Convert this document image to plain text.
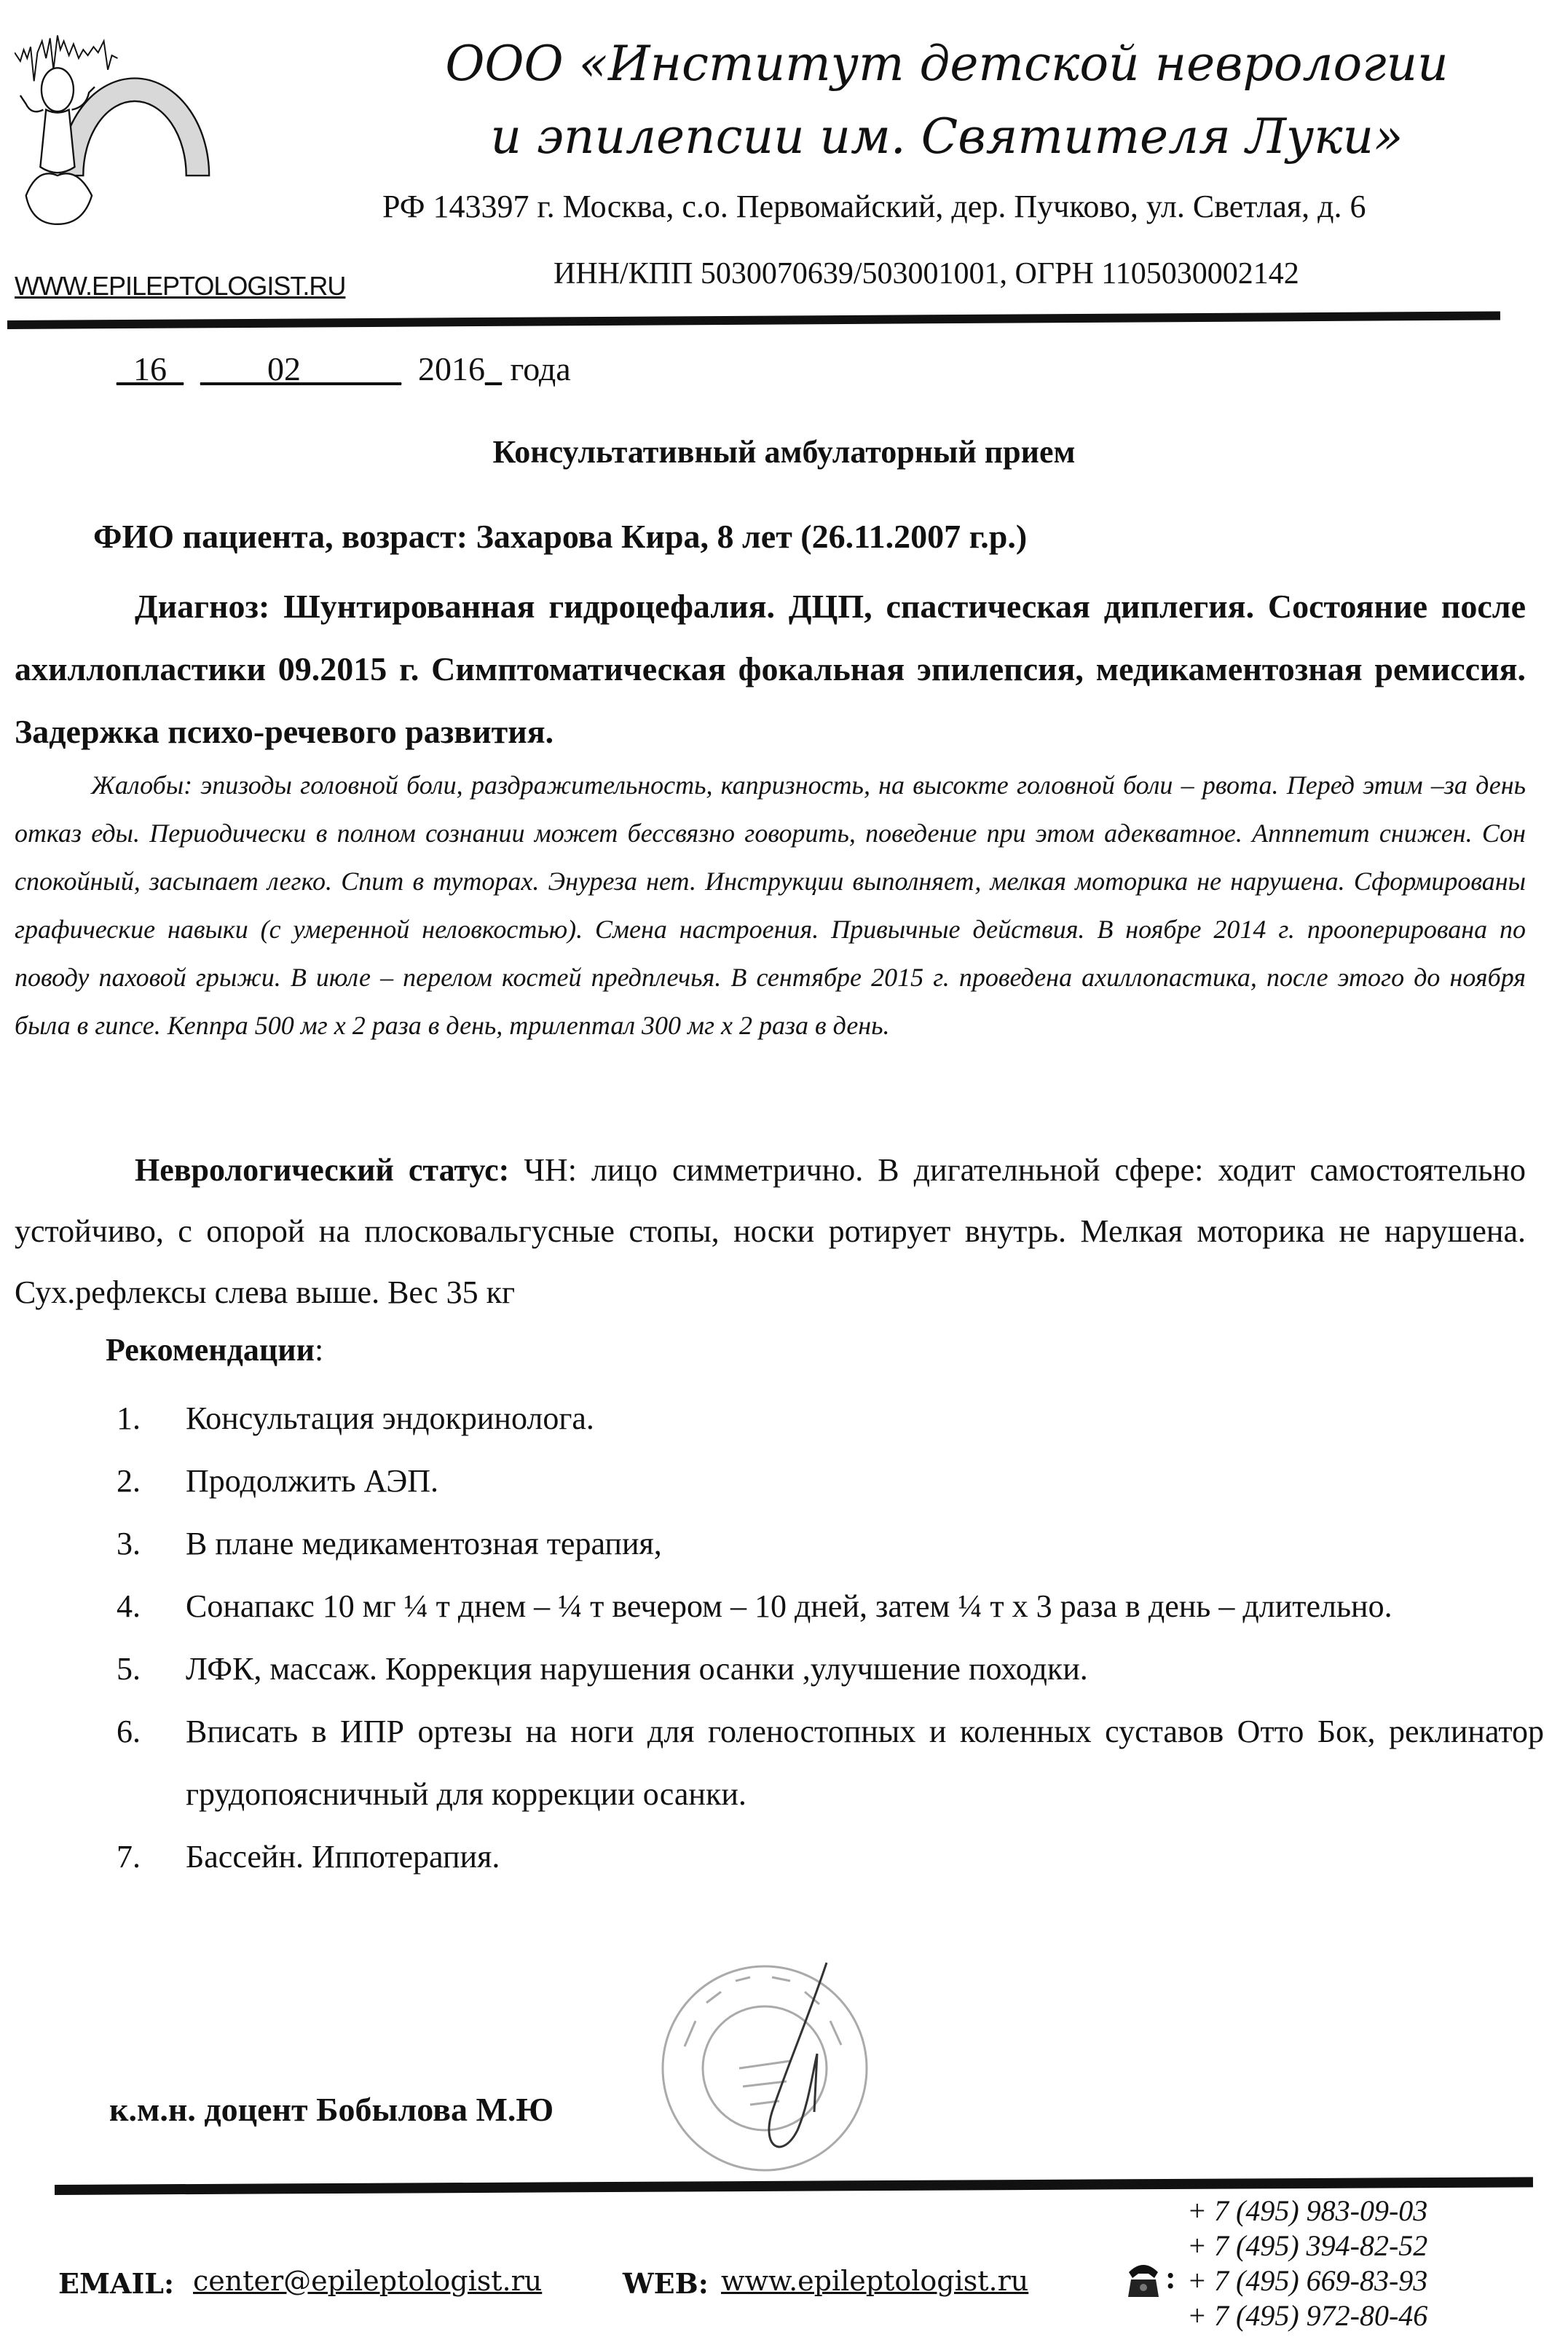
ООО «Институт детской неврологии
и эпилепсии им. Святителя Луки»
РФ 143397 г. Москва, с.о. Первомайский, дер. Пучково, ул. Светлая, д. 6
WWW.EPILEPTOLOGIST.RU	ИНН/КПП 5030070639/503001001, ОГРН 1105030002142
_16_ ____02______ 2016_ года
Консультативный амбулаторный прием
ФИО пациента, возраст: Захарова Кира, 8 лет (26.11.2007 г.р.)
Диагноз: Шунтированная гидроцефалия. ДЦП, спастическая диплегия. Состояние после ахиллопластики 09.2015 г. Симптоматическая фокальная эпилепсия, медикаментозная ремиссия. Задержка психо-речевого развития.
Жалобы: эпизоды головной боли, раздражительность, капризность, на высокте головной боли – рвота. Перед этим –за день отказ еды. Периодически в полном сознании может бессвязно говорить, поведение при этом адекватное. Апппетит снижен. Сон спокойный, засыпает легко. Спит в туторах. Энуреза нет. Инструкции выполняет, мелкая моторика не нарушена. Сформированы графические навыки (с умеренной неловкостью). Смена настроения. Привычные действия. В ноябре 2014 г. прооперирована по поводу паховой грыжи. В июле – перелом костей предплечья. В сентябре 2015 г. проведена ахиллопастика, после этого до ноября была в гипсе. Кеппра 500 мг х 2 раза в день, трилептал 300 мг х 2 раза в день.
Неврологический статус: ЧН: лицо симметрично. В дигателньной сфере: ходит самостоятельно устойчиво, с опорой на плосковальгусные стопы, носки ротирует внутрь. Мелкая моторика не нарушена. Сух.рефлексы слева выше. Вес 35 кг
Рекомендации:
1.	Консультация эндокринолога.
2.	Продолжить АЭП.
3.	В плане медикаментозная терапия,
4.	Сонапакс 10 мг ¼ т днем – ¼ т вечером – 10 дней, затем ¼ т х 3 раза в день – длительно.
5.	ЛФК, массаж. Коррекция нарушения осанки ,улучшение походки.
6.	Вписать в ИПР ортезы на ноги для голеностопных и коленных суставов Отто Бок, реклинатор грудопоясничный для коррекции осанки.
7.	Бассейн. Иппотерапия.
к.м.н. доцент Бобылова М.Ю
EMAIL: center@epileptologist.ru	WEB: www.epileptologist.ru	:
+ 7 (495) 983-09-03
+ 7 (495) 394-82-52
+ 7 (495) 669-83-93
+ 7 (495) 972-80-46
